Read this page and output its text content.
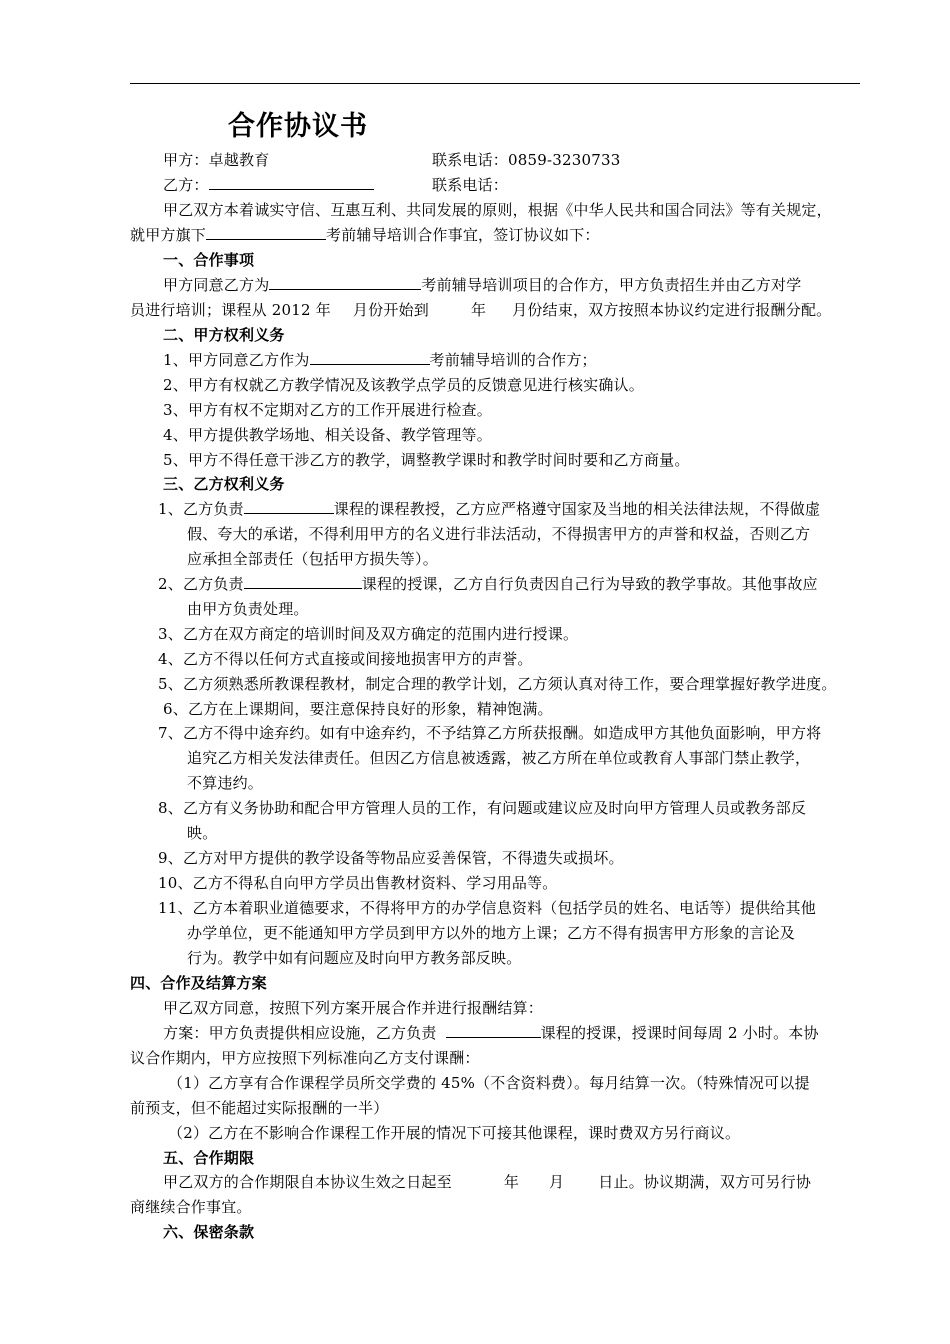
合作协议书
甲方：卓越教育	联系电话：0859-3230733
乙方：	联系电话：
甲乙双方本着诚实守信、互惠互利、共同发展的原则，根据《中华人民共和国合同法》等有关规定，
就甲方旗下	考前辅导培训合作事宜，签订协议如下：
一、合作事项
甲方同意乙方为	考前辅导培训项目的合作方，甲方负责招生并由乙方对学
员进行培训；课程从 2012 年 月份开始到	年 月份结束，双方按照本协议约定进行报酬分配。
二、甲方权利义务
1、甲方同意乙方作为	考前辅导培训的合作方；
2、甲方有权就乙方教学情况及该教学点学员的反馈意见进行核实确认。
3、甲方有权不定期对乙方的工作开展进行检查。
4、甲方提供教学场地、相关设备、教学管理等。
5、甲方不得任意干涉乙方的教学，调整教学课时和教学时间时要和乙方商量。
三、乙方权利义务
1、乙方负责	课程的课程教授，乙方应严格遵守国家及当地的相关法律法规，不得做虚
假、夸大的承诺，不得利用甲方的名义进行非法活动，不得损害甲方的声誉和权益，否则乙方
应承担全部责任（包括甲方损失等）。
2、乙方负责	课程的授课，乙方自行负责因自己行为导致的教学事故。其他事故应
由甲方负责处理。
3、乙方在双方商定的培训时间及双方确定的范围内进行授课。
4、乙方不得以任何方式直接或间接地损害甲方的声誉。
5、乙方须熟悉所教课程教材，制定合理的教学计划，乙方须认真对待工作，要合理掌握好教学进度。
6、乙方在上课期间，要注意保持良好的形象，精神饱满。
7、乙方不得中途弃约。如有中途弃约，不予结算乙方所获报酬。如造成甲方其他负面影响，甲方将
追究乙方相关发法律责任。但因乙方信息被透露，被乙方所在单位或教育人事部门禁止教学，
不算违约。
8、乙方有义务协助和配合甲方管理人员的工作，有问题或建议应及时向甲方管理人员或教务部反
映。
9、乙方对甲方提供的教学设备等物品应妥善保管，不得遗失或损坏。
10、乙方不得私自向甲方学员出售教材资料、学习用品等。
11、乙方本着职业道德要求，不得将甲方的办学信息资料（包括学员的姓名、电话等）提供给其他
办学单位，更不能通知甲方学员到甲方以外的地方上课；乙方不得有损害甲方形象的言论及
行为。教学中如有问题应及时向甲方教务部反映。
四、合作及结算方案
甲乙双方同意，按照下列方案开展合作并进行报酬结算：
方案：甲方负责提供相应设施，乙方负责	课程的授课，授课时间每周 2 小时。本协
议合作期内，甲方应按照下列标准向乙方支付课酬：
（1）乙方享有合作课程学员所交学费的 45%（不含资料费）。每月结算一次。（特殊情况可以提
前预支，但不能超过实际报酬的一半）
（2）乙方在不影响合作课程工作开展的情况下可接其他课程，课时费双方另行商议。
五、合作期限
甲乙双方的合作期限自本协议生效之日起至	年 月 日止。协议期满，双方可另行协
商继续合作事宜。
六、保密条款
